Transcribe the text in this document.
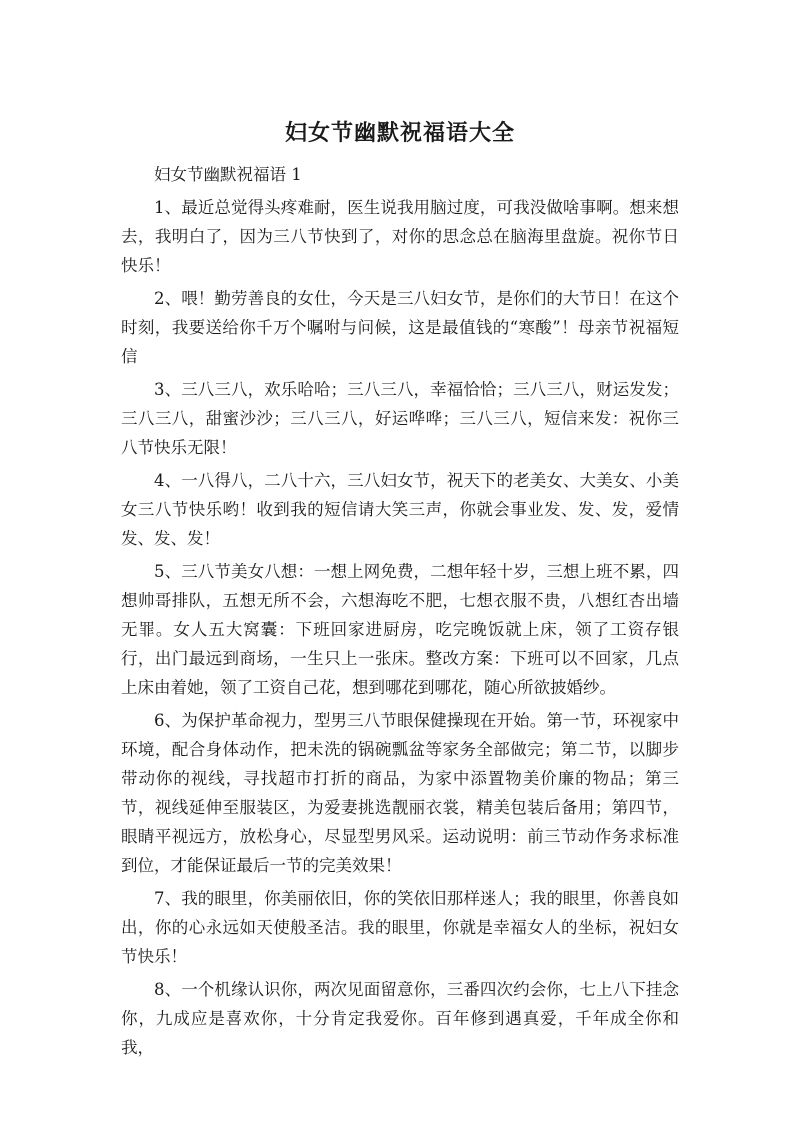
妇女节幽默祝福语大全

妇女节幽默祝福语 1

1、最近总觉得头疼难耐，医生说我用脑过度，可我没做啥事啊。想来想去，我明白了，因为三八节快到了，对你的思念总在脑海里盘旋。祝你节日快乐！

2、喂！勤劳善良的女仕，今天是三八妇女节，是你们的大节日！在这个时刻，我要送给你千万个嘱咐与问候，这是最值钱的“寒酸”！母亲节祝福短信

3、三八三八，欢乐哈哈；三八三八，幸福恰恰；三八三八，财运发发；三八三八，甜蜜沙沙；三八三八，好运哗哗；三八三八，短信来发：祝你三八节快乐无限！

4、一八得八，二八十六，三八妇女节，祝天下的老美女、大美女、小美女三八节快乐哟！收到我的短信请大笑三声，你就会事业发、发、发，爱情发、发、发！

5、三八节美女八想：一想上网免费，二想年轻十岁，三想上班不累，四想帅哥排队，五想无所不会，六想海吃不肥，七想衣服不贵，八想红杏出墙无罪。女人五大窝囊：下班回家进厨房，吃完晚饭就上床，领了工资存银行，出门最远到商场，一生只上一张床。整改方案：下班可以不回家，几点上床由着她，领了工资自己花，想到哪花到哪花，随心所欲披婚纱。

6、为保护革命视力，型男三八节眼保健操现在开始。第一节，环视家中环境，配合身体动作，把未洗的锅碗瓢盆等家务全部做完；第二节，以脚步带动你的视线，寻找超市打折的商品，为家中添置物美价廉的物品；第三节，视线延伸至服装区，为爱妻挑选靓丽衣裳，精美包装后备用；第四节，眼睛平视远方，放松身心，尽显型男风采。运动说明：前三节动作务求标准到位，才能保证最后一节的完美效果！

7、我的眼里，你美丽依旧，你的笑依旧那样迷人；我的眼里，你善良如出，你的心永远如天使般圣洁。我的眼里，你就是幸福女人的坐标，祝妇女节快乐！

8、一个机缘认识你，两次见面留意你，三番四次约会你，七上八下挂念你，九成应是喜欢你，十分肯定我爱你。百年修到遇真爱，千年成全你和我，
